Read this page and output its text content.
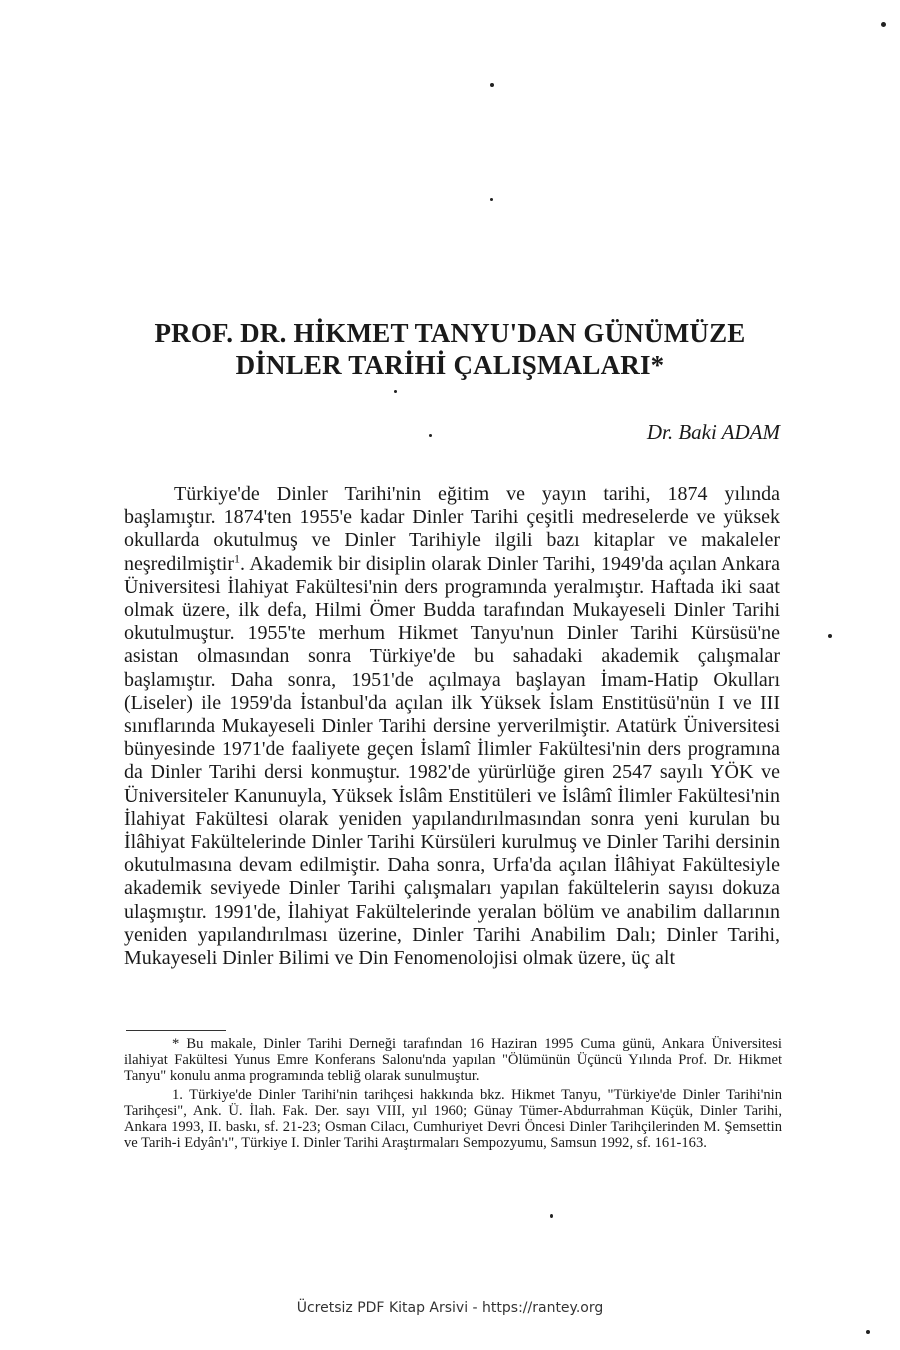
PROF. DR. HİKMET TANYU'DAN GÜNÜMÜZE
DİNLER TARİHİ ÇALIŞMALARI*
Dr. Baki ADAM

Türkiye'de Dinler Tarihi'nin eğitim ve yayın tarihi, 1874 yılında başlamıştır. 1874'ten 1955'e kadar Dinler Tarihi çeşitli medreselerde ve yüksek okullarda okutulmuş ve Dinler Tarihiyle ilgili bazı kitaplar ve makaleler neşredilmiştir$^1$. Akademik bir disiplin olarak Dinler Tarihi, 1949'da açılan Ankara Üniversitesi İlahiyat Fakültesi'nin ders programında yeralmıştır. Haftada iki saat olmak üzere, ilk defa, Hilmi Ömer Budda tarafından Mukayeseli Dinler Tarihi okutulmuştur. 1955'te merhum Hikmet Tanyu'nun Dinler Tarihi Kürsüsü'ne asistan olmasından sonra Türkiye'de bu sahadaki akademik çalışmalar başlamıştır. Daha sonra, 1951'de açılmaya başlayan İmam-Hatip Okulları (Liseler) ile 1959'da İstanbul'da açılan ilk Yüksek İslam Enstitüsü'nün I ve III sınıflarında Mukayeseli Dinler Tarihi dersine yerverilmiştir. Atatürk Üniversitesi bünyesinde 1971'de faaliyete geçen İslamî İlimler Fakültesi'nin ders programına da Dinler Tarihi dersi konmuştur. 1982'de yürürlüğe giren 2547 sayılı YÖK ve Üniversiteler Kanunuyla, Yüksek İslâm Enstitüleri ve İslâmî İlimler Fakültesi'nin İlahiyat Fakültesi olarak yeniden yapılandırılmasından sonra yeni kurulan bu İlâhiyat Fakültelerinde Dinler Tarihi Kürsüleri kurulmuş ve Dinler Tarihi dersinin okutulmasına devam edilmiştir. Daha sonra, Urfa'da açılan İlâhiyat Fakültesiyle akademik seviyede Dinler Tarihi çalışmaları yapılan fakültelerin sayısı dokuza ulaşmıştır. 1991'de, İlahiyat Fakültelerinde yeralan bölüm ve anabilim dallarının yeniden yapılandırılması üzerine, Dinler Tarihi Anabilim Dalı; Dinler Tarihi, Mukayeseli Dinler Bilimi ve Din Fenomenolojisi olmak üzere, üç alt

* Bu makale, Dinler Tarihi Derneği tarafından 16 Haziran 1995 Cuma günü, Ankara Üniversitesi ilahiyat Fakültesi Yunus Emre Konferans Salonu'nda yapılan "Ölümünün Üçüncü Yılında Prof. Dr. Hikmet Tanyu" konulu anma programında tebliğ olarak sunulmuştur.

1. Türkiye'de Dinler Tarihi'nin tarihçesi hakkında bkz. Hikmet Tanyu, "Türkiye'de Dinler Tarihi'nin Tarihçesi", Ank. Ü. İlah. Fak. Der. sayı VIII, yıl 1960; Günay Tümer-Abdurrahman Küçük, Dinler Tarihi, Ankara 1993, II. baskı, sf. 21-23; Osman Cilacı, Cumhuriyet Devri Öncesi Dinler Tarihçilerinden M. Şemsettin ve Tarih-i Edyân'ı", Türkiye I. Dinler Tarihi Araştırmaları Sempozyumu, Samsun 1992, sf. 161-163.

Ücretsiz PDF Kitap Arsivi - https://rantey.org
